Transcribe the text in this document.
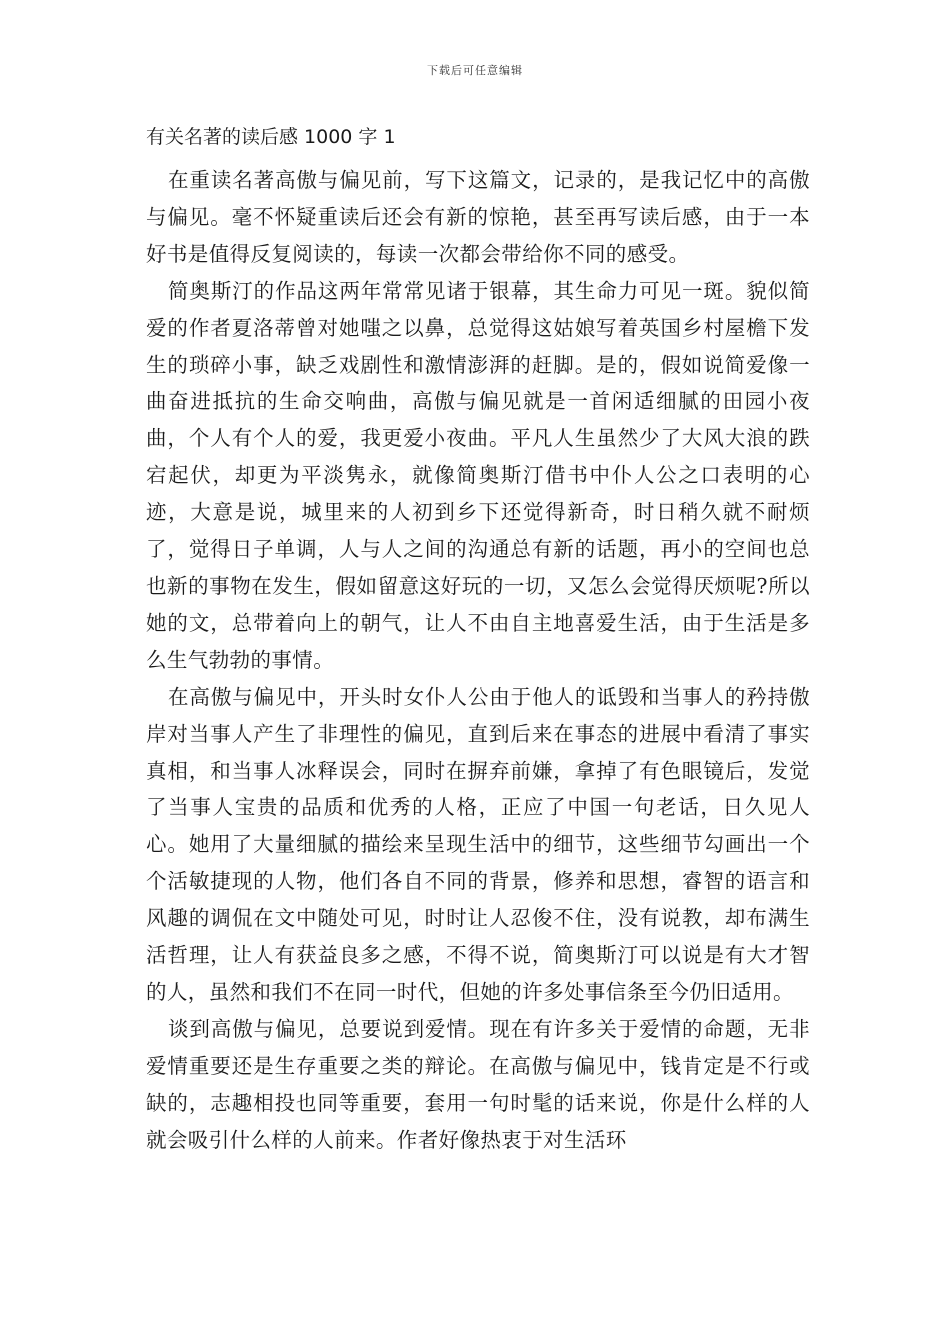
下载后可任意编辑
有关名著的读后感 1000 字 1

在重读名著高傲与偏见前，写下这篇文，记录的，是我记忆中的高傲与偏见。毫不怀疑重读后还会有新的惊艳，甚至再写读后感，由于一本好书是值得反复阅读的，每读一次都会带给你不同的感受。

简奥斯汀的作品这两年常常见诸于银幕，其生命力可见一斑。貌似简爱的作者夏洛蒂曾对她嗤之以鼻，总觉得这姑娘写着英国乡村屋檐下发生的琐碎小事，缺乏戏剧性和激情澎湃的赶脚。是的，假如说简爱像一曲奋进抵抗的生命交响曲，高傲与偏见就是一首闲适细腻的田园小夜曲，个人有个人的爱，我更爱小夜曲。平凡人生虽然少了大风大浪的跌宕起伏，却更为平淡隽永，就像简奥斯汀借书中仆人公之口表明的心迹，大意是说，城里来的人初到乡下还觉得新奇，时日稍久就不耐烦了，觉得日子单调，人与人之间的沟通总有新的话题，再小的空间也总也新的事物在发生，假如留意这好玩的一切，又怎么会觉得厌烦呢?所以她的文，总带着向上的朝气，让人不由自主地喜爱生活，由于生活是多么生气勃勃的事情。

在高傲与偏见中，开头时女仆人公由于他人的诋毁和当事人的矜持傲岸对当事人产生了非理性的偏见，直到后来在事态的进展中看清了事实真相，和当事人冰释误会，同时在摒弃前嫌，拿掉了有色眼镜后，发觉了当事人宝贵的品质和优秀的人格，正应了中国一句老话，日久见人心。她用了大量细腻的描绘来呈现生活中的细节，这些细节勾画出一个个活敏捷现的人物，他们各自不同的背景，修养和思想，睿智的语言和风趣的调侃在文中随处可见，时时让人忍俊不住，没有说教，却布满生活哲理，让人有获益良多之感，不得不说，简奥斯汀可以说是有大才智的人，虽然和我们不在同一时代，但她的许多处事信条至今仍旧适用。

谈到高傲与偏见，总要说到爱情。现在有许多关于爱情的命题，无非爱情重要还是生存重要之类的辩论。在高傲与偏见中，钱肯定是不行或缺的，志趣相投也同等重要，套用一句时髦的话来说，你是什么样的人就会吸引什么样的人前来。作者好像热衷于对生活环
